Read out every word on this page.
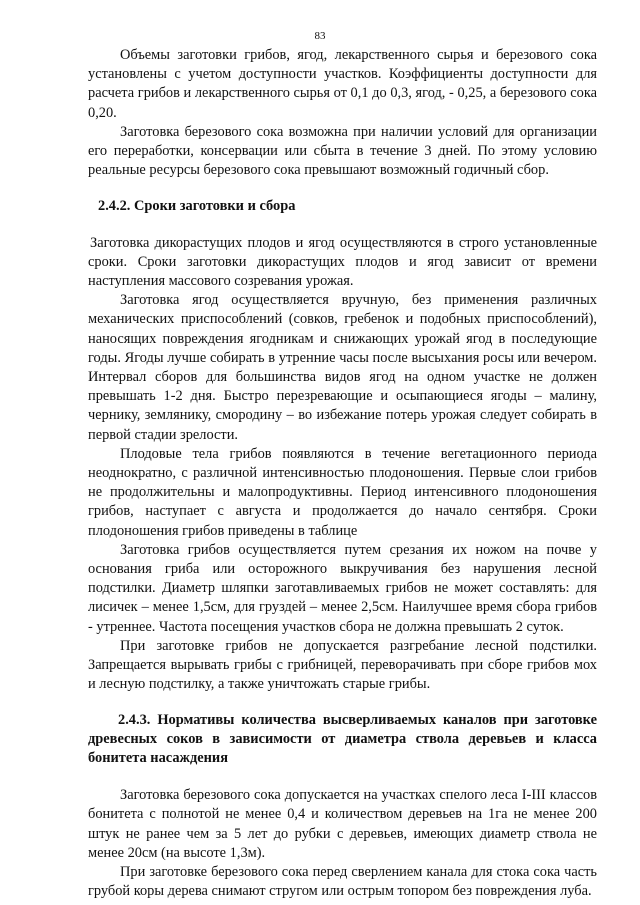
83

Объемы заготовки грибов, ягод, лекарственного сырья и березового сока установлены с учетом доступности участков. Коэффициенты доступности для расчета грибов и лекарственного сырья от 0,1 до 0,3, ягод, - 0,25, а березового сока 0,20.

Заготовка березового сока возможна при наличии условий для организации его переработки, консервации или сбыта в течение 3 дней. По этому условию реальные ресурсы березового сока превышают возможный годичный сбор.

2.4.2. Сроки заготовки и сбора

Заготовка дикорастущих плодов и ягод осуществляются в строго установленные сроки. Сроки заготовки дикорастущих плодов и ягод зависит от времени наступления массового созревания урожая.

Заготовка ягод осуществляется вручную, без применения различных механических приспособлений (совков, гребенок и подобных приспособлений), наносящих повреждения ягодникам и снижающих урожай ягод в последующие годы. Ягоды лучше собирать в утренние часы после высыхания росы или вечером. Интервал сборов для большинства видов ягод на одном участке не должен превышать 1-2 дня. Быстро перезревающие и осыпающиеся ягоды – малину, чернику, землянику, смородину – во избежание потерь урожая следует собирать в первой стадии зрелости.

Плодовые тела грибов появляются в течение вегетационного периода неоднократно, с различной интенсивностью плодоношения. Первые слои грибов не продолжительны и малопродуктивны. Период интенсивного плодоношения грибов, наступает с августа и продолжается до начало сентября. Сроки плодоношения грибов приведены в таблице

Заготовка грибов осуществляется путем срезания их ножом на почве у основания гриба или осторожного выкручивания без нарушения лесной подстилки. Диаметр шляпки заготавливаемых грибов не может составлять: для лисичек – менее 1,5см, для груздей – менее 2,5см. Наилучшее время сбора грибов - утреннее. Частота посещения участков сбора не должна превышать 2 суток.

При заготовке грибов не допускается разгребание лесной подстилки. Запрещается вырывать грибы с грибницей, переворачивать при сборе грибов мох и лесную подстилку, а также уничтожать старые грибы.

2.4.3. Нормативы количества высверливаемых каналов при заготовке древесных соков в зависимости от диаметра ствола деревьев и класса бонитета насаждения

Заготовка березового сока допускается на участках спелого леса I-III классов бонитета с полнотой не менее 0,4 и количеством деревьев на 1га не менее 200 штук не ранее чем за 5 лет до рубки с деревьев, имеющих диаметр ствола не менее 20см (на высоте 1,3м).

При заготовке березового сока перед сверлением канала для стока сока часть грубой коры дерева снимают стругом или острым топором без повреждения луба.
